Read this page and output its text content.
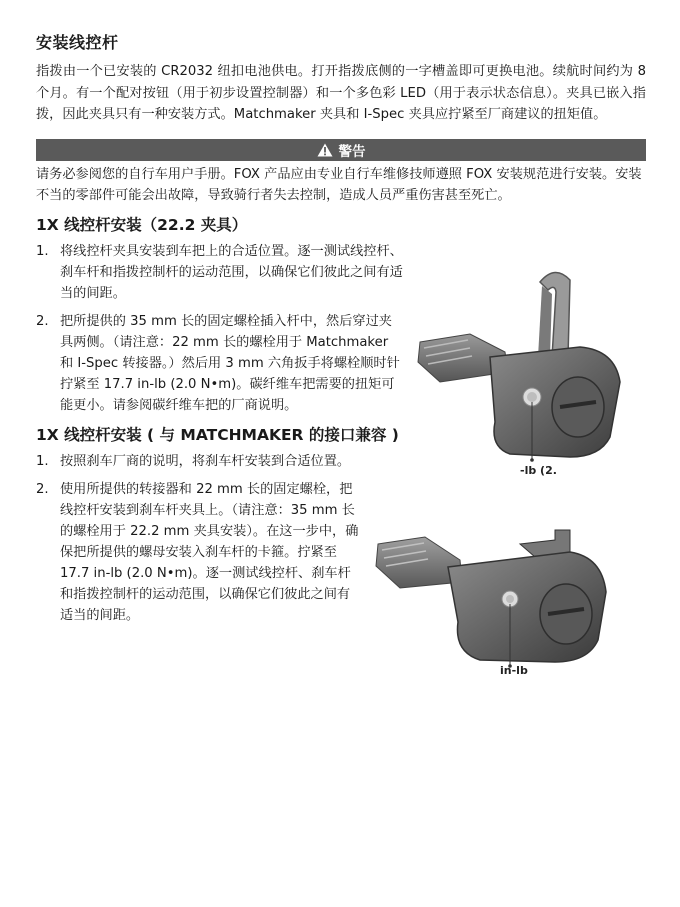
安装线控杆

指拨由一个已安装的 CR2032 纽扣电池供电。打开指拨底侧的一字槽盖即可更换电池。续航时间约为 8 个月。有一个配对按钮（用于初步设置控制器）和一个多色彩 LED（用于表示状态信息）。夹具已嵌入指拨，因此夹具只有一种安装方式。Matchmaker 夹具和 I-Spec 夹具应拧紧至厂商建议的扭矩值。

警告

请务必参阅您的自行车用户手册。FOX 产品应由专业自行车维修技师遵照 FOX 安装规范进行安装。安装不当的零部件可能会出故障，导致骑行者失去控制，造成人员严重伤害甚至死亡。

1X 线控杆安装（22.2 夹具）
1. 将线控杆夹具安装到车把上的合适位置。逐一测试线控杆、刹车杆和指拨控制杆的运动范围，以确保它们彼此之间有适当的间距。
2. 把所提供的 35 mm 长的固定螺栓插入杆中，然后穿过夹具两侧。（请注意：22 mm 长的螺栓用于 Matchmaker 和 I-Spec 转接器。）然后用 3 mm 六角扳手将螺栓顺时针拧紧至 17.7 in-lb (2.0 N•m)。碳纤维车把需要的扭矩可能更小。请参阅碳纤维车把的厂商说明。
1X 线控杆安装 ( 与 MATCHMAKER 的接口兼容 )
1. 按照刹车厂商的说明，将刹车杆安装到合适位置。
2. 使用所提供的转接器和 22 mm 长的固定螺栓，把线控杆安装到刹车杆夹具上。（请注意：35 mm 长的螺栓用于 22.2 mm 夹具安装）。在这一步中，确保把所提供的螺母安装入刹车杆的卡箍。拧紧至 17.7 in-lb (2.0 N•m)。逐一测试线控杆、刹车杆和指拨控制杆的运动范围，以确保它们彼此之间有适当的间距。
-lb (2.
in-lb
